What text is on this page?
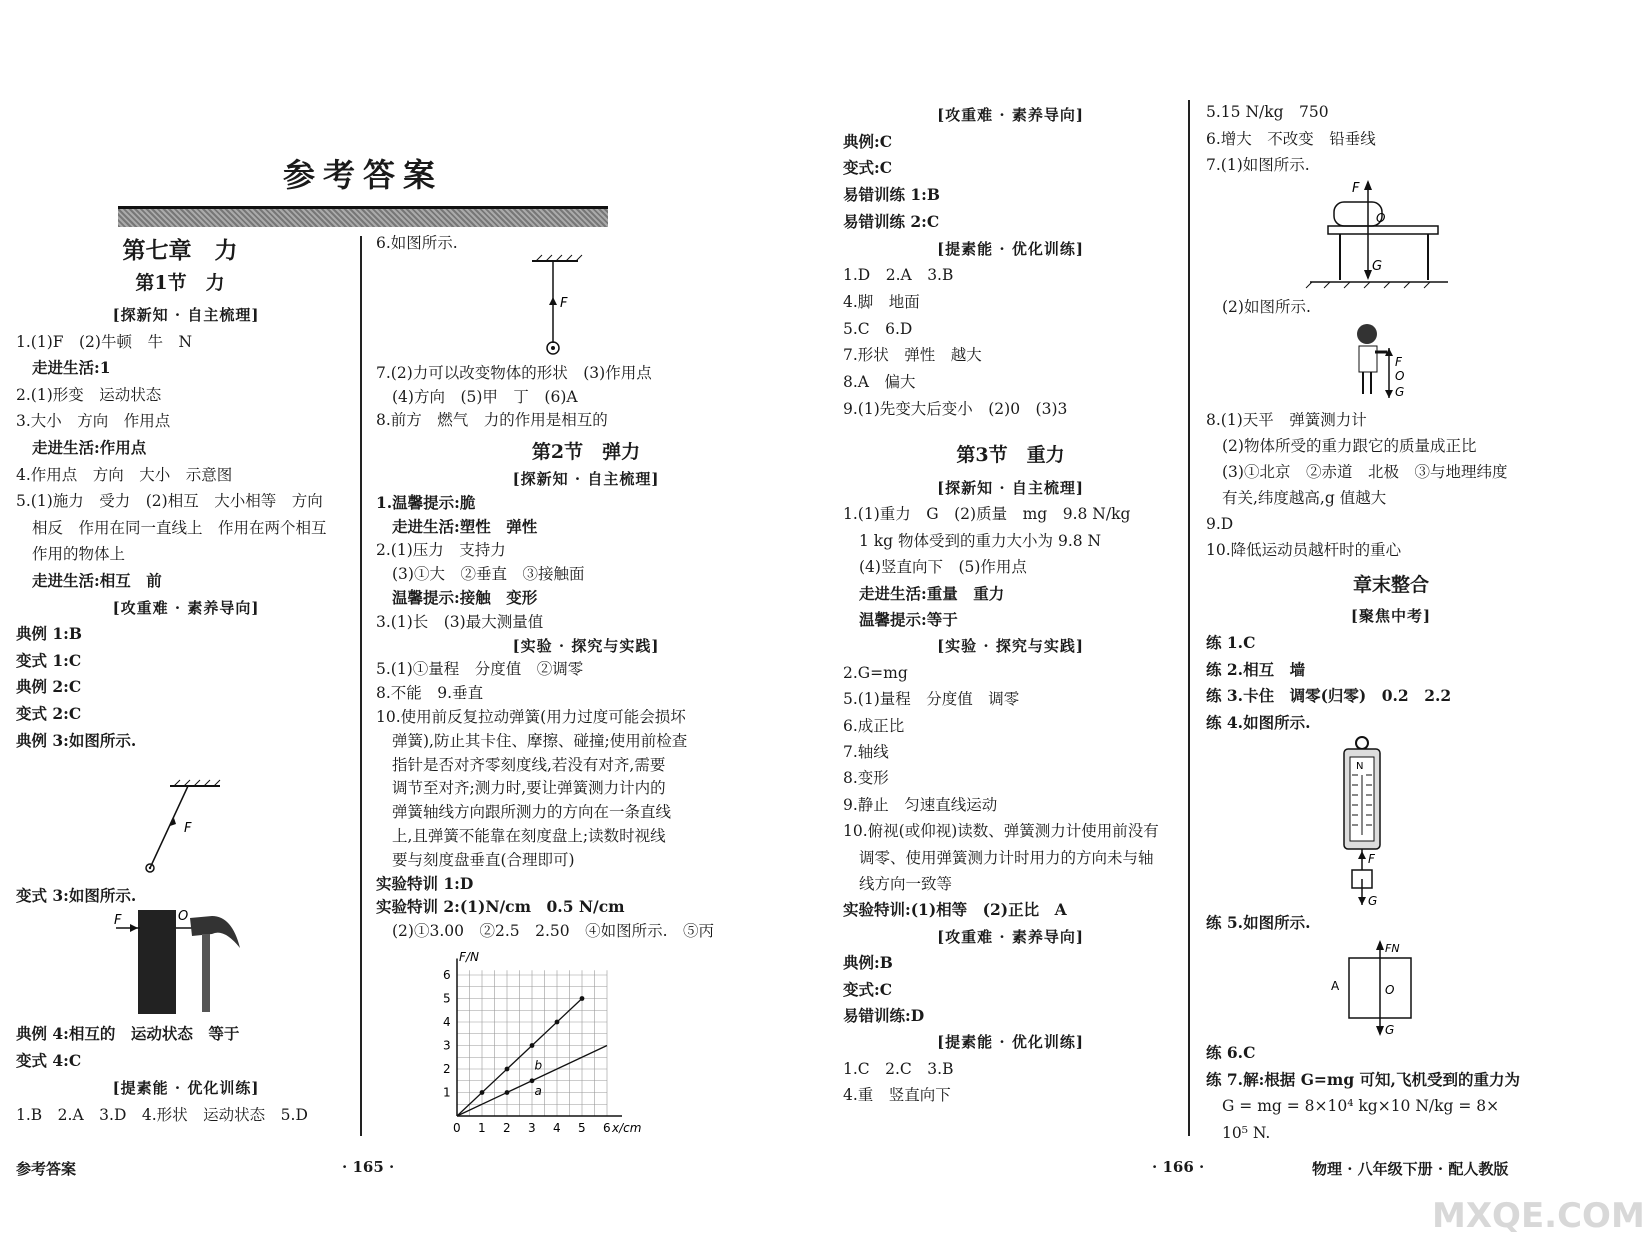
参考答案
第七章　力
第1节　力
[探新知 · 自主梳理]
1.(1)F　(2)牛顿　牛　N
走进生活:1
2.(1)形变　运动状态
3.大小　方向　作用点
走进生活:作用点
4.作用点　方向　大小　示意图
5.(1)施力　受力　(2)相互　大小相等　方向
相反　作用在同一直线上　作用在两个相互
作用的物体上
走进生活:相互　前
[攻重难 · 素养导向]
典例 1:B
变式 1:C
典例 2:C
变式 2:C
典例 3:如图所示.
变式 3:如图所示.
典例 4:相互的　运动状态　等于
变式 4:C
[提素能 · 优化训练]
1.B　2.A　3.D　4.形状　运动状态　5.D
6.如图所示.
7.(2)力可以改变物体的形状　(3)作用点
(4)方向　(5)甲　丁　(6)A
8.前方　燃气　力的作用是相互的
第2节　弹力
[探新知 · 自主梳理]
1.温馨提示:脆
走进生活:塑性　弹性
2.(1)压力　支持力
(3)①大　②垂直　③接触面
温馨提示:接触　变形
3.(1)长　(3)最大测量值
[实验 · 探究与实践]
5.(1)①量程　分度值　②调零
8.不能　9.垂直
10.使用前反复拉动弹簧(用力过度可能会损坏
弹簧),防止其卡住、摩擦、碰撞;使用前检查
指针是否对齐零刻度线,若没有对齐,需要
调节至对齐;测力时,要让弹簧测力计内的
弹簧轴线方向跟所测力的方向在一条直线
上,且弹簧不能靠在刻度盘上;读数时视线
要与刻度盘垂直(合理即可)
实验特训 1:D
实验特训 2:(1)N/cm　0.5 N/cm
(2)①3.00　②2.5　2.50　④如图所示.　⑤丙
[攻重难 · 素养导向]
典例:C
变式:C
易错训练 1:B
易错训练 2:C
[提素能 · 优化训练]
1.D　2.A　3.B
4.脚　地面
5.C　6.D
7.形状　弹性　越大
8.A　偏大
9.(1)先变大后变小　(2)0　(3)3
第3节　重力
[探新知 · 自主梳理]
1.(1)重力　G　(2)质量　mg　9.8 N/kg
1 kg 物体受到的重力大小为 9.8 N
(4)竖直向下　(5)作用点
走进生活:重量　重力
温馨提示:等于
[实验 · 探究与实践]
2.G=mg
5.(1)量程　分度值　调零
6.成正比
7.轴线
8.变形
9.静止　匀速直线运动
10.俯视(或仰视)读数、弹簧测力计使用前没有
调零、使用弹簧测力计时用力的方向未与轴
线方向一致等
实验特训:(1)相等　(2)正比　A
[攻重难 · 素养导向]
典例:B
变式:C
易错训练:D
[提素能 · 优化训练]
1.C　2.C　3.B
4.重　竖直向下
5.15 N/kg　750
6.增大　不改变　铅垂线
7.(1)如图所示.
(2)如图所示.
8.(1)天平　弹簧测力计
(2)物体所受的重力跟它的质量成正比
(3)①北京　②赤道　北极　③与地理纬度
有关,纬度越高,g 值越大
9.D
10.降低运动员越杆时的重心
章末整合
[聚焦中考]
练 1.C
练 2.相互　墙
练 3.卡住　调零(归零)　0.2　2.2
练 4.如图所示.
练 5.如图所示.
练 6.C
练 7.解:根据 G=mg 可知,飞机受到的重力为
G = mg = 8×10⁴ kg×10 N/kg = 8×
10⁵ N.
F
F	O
F
F/N
x/cm
1
2
3
4
5
6
0 1 2 3 4 5 6
b
a
F
O
G
F
O
G
N
F
G
FN
A	O
G
参考答案	· 165 ·	· 166 ·	物理 · 八年级下册 · 配人教版
MXQE.COM
